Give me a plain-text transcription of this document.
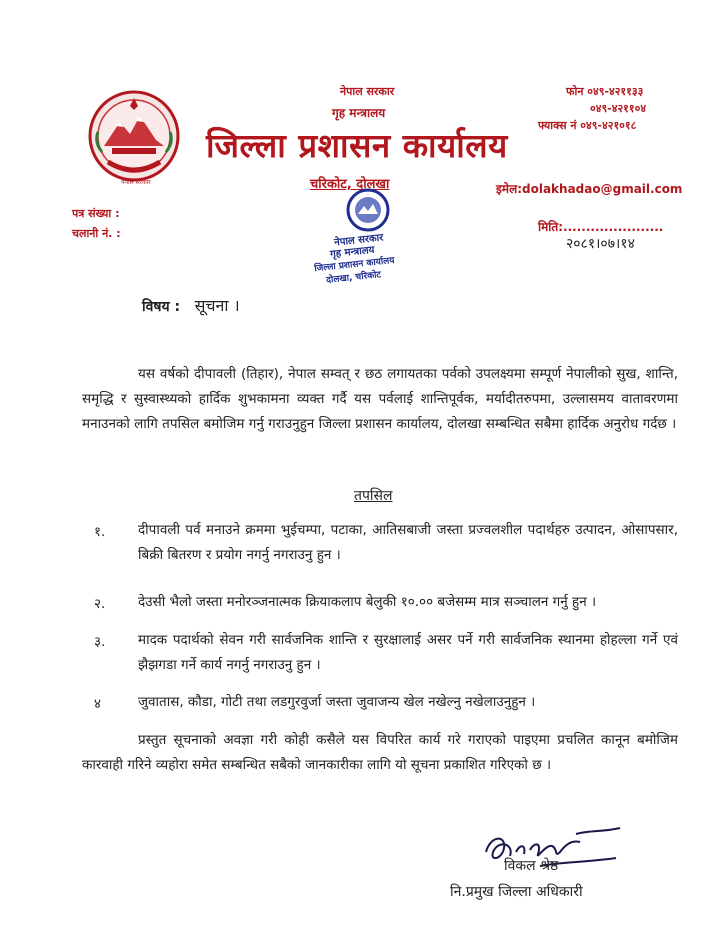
नेपाल सरकार
नेपाल सरकार
गृह मन्त्रालय
जिल्ला प्रशासन कार्यालय
चरिकोट, दोलखा
फोन ०४९-४२११३३
०४९-४२११०४
फ्याक्स नं ०४९-४२१०१८
इमेल:dolakhadao@gmail.com
पत्र संख्या :
चलानी नं. :	मिति:......................
२०८१।०७।१४
नेपाल सरकार
गृह मन्त्रालय
जिल्ला प्रशासन कार्यालय
दोलखा, चरिकोट
विषय : सूचना ।
यस वर्षको दीपावली (तिहार), नेपाल सम्वत् र छठ लगायतका पर्वको उपलक्ष्यमा सम्पूर्ण नेपालीको सुख, शान्ति, समृद्धि र सुस्वास्थ्यको हार्दिक शुभकामना व्यक्त गर्दै यस पर्वलाई शान्तिपूर्वक, मर्यादीतरुपमा, उल्लासमय वातावरणमा मनाउनको लागि तपसिल बमोजिम गर्नु गराउनुहुन जिल्ला प्रशासन कार्यालय, दोलखा सम्बन्धित सबैमा हार्दिक अनुरोध गर्दछ ।
तपसिल
१. दीपावली पर्व मनाउने क्रममा भुईचम्पा, पटाका, आतिसबाजी जस्ता प्रज्वलशील पदार्थहरु उत्पादन, ओसापसार, बिक्री बितरण र प्रयोग नगर्नु नगराउनु हुन ।
२. देउसी भैलो जस्ता मनोरञ्जनात्मक क्रियाकलाप बेलुकी १०.०० बजेसम्म मात्र सञ्चालन गर्नु हुन ।
३. मादक पदार्थको सेवन गरी सार्वजनिक शान्ति र सुरक्षालाई असर पर्ने गरी सार्वजनिक स्थानमा होहल्ला गर्ने एवं झैझगडा गर्ने कार्य नगर्नु नगराउनु हुन ।
४	जुवातास, कौडा, गोटी तथा लडगुरवुर्जा जस्ता जुवाजन्य खेल नखेल्नु नखेलाउनुहुन ।
प्रस्तुत सूचनाको अवज्ञा गरी कोही कसैले यस विपरित कार्य गरे गराएको पाइएमा प्रचलित कानून बमोजिम कारवाही गरिने व्यहोरा समेत सम्बन्धित सबैको जानकारीका लागि यो सूचना प्रकाशित गरिएको छ ।
विकल श्रेष्ठ
नि.प्रमुख जिल्ला अधिकारी
